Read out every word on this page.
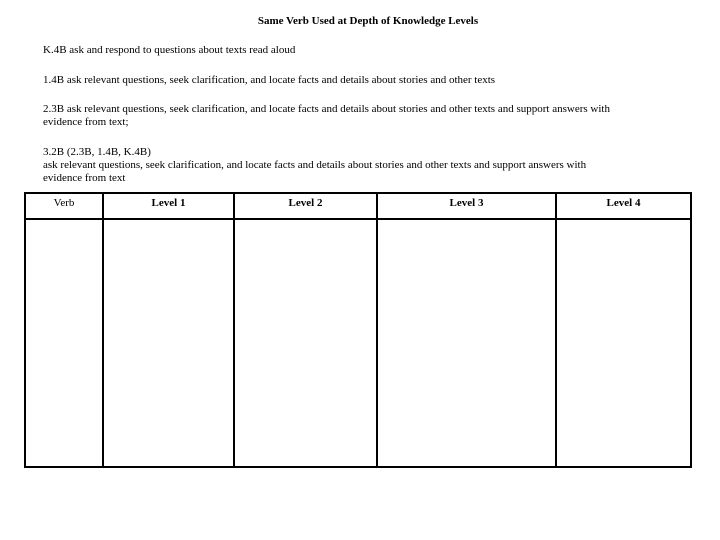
Same Verb Used at Depth of Knowledge Levels
K.4B ask and respond to questions about texts read aloud
1.4B ask relevant questions, seek clarification, and locate facts and details about stories and other texts
2.3B ask relevant questions, seek clarification, and locate facts and details about stories and other texts and support answers with
evidence from text;
3.2B (2.3B, 1.4B, K.4B)
ask relevant questions, seek clarification, and locate facts and details about stories and other texts and support answers with
evidence from text
Verb	Level 1	Level 2	Level 3	Level 4
